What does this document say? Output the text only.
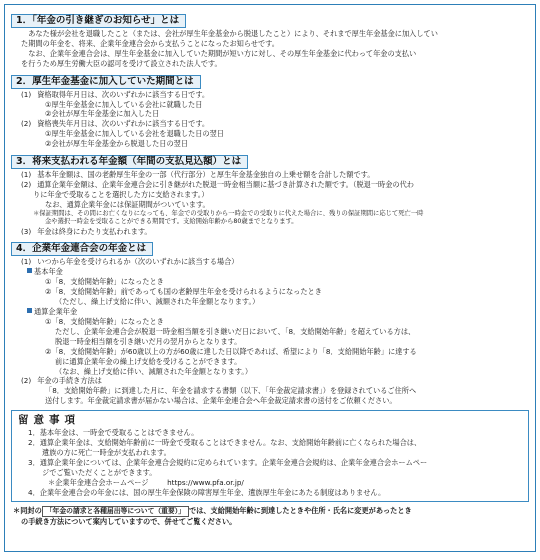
1．「年金の引き継ぎのお知らせ」とは

　あなた様が会社を退職したこと（または、会社が厚生年金基金から脱退したこと）により、それまで厚生年金基金に加入してい

た期間の年金を、将来、企業年金連合会から支払うことになったお知らせです。

　なお、企業年金連合会は、厚生年金基金に加入していた期間が短い方に対し、その厚生年金基金に代わって年金の支払い

を行うため厚生労働大臣の認可を受けて設立された法人です。

2．厚生年金基金に加入していた期間とは
(1) 資格取得年月日は、次のいずれかに該当する日です。

①厚生年金基金に加入している会社に就職した日

②会社が厚生年金基金に加入した日

(2) 資格喪失年月日は、次のいずれかに該当する日です。

①厚生年金基金に加入している会社を退職した日の翌日

②会社が厚生年金基金から脱退した日の翌日

3．将来支払われる年金額（年間の支払見込額）とは
(1) 基本年金額は、国の老齢厚生年金の一部（代行部分）と厚生年金基金独自の上乗せ額を合計した額です。
(2) 通算企業年金額は、企業年金連合会に引き継がれた脱退一時金相当額に基づき計算された額です。（脱退一時金の代わ

りに年金で受取ることを選択した方に支給されます。）

なお、通算企業年金には保証期間がついています。

＊保証期間は、その間にお亡くなりになっても、年金での受取りから一時金での受取りに代えた場合に、残りの保証期間に応じて死亡一時

金や選択一時金を受取ることができる期間です。支給開始年齢から80歳までとなります。

(3) 年金は終身にわたり支払われます。
4．企業年金連合会の年金とは
(1) いつから年金を受けられるか（次のいずれかに該当する場合）

基本年金

①「8．支給開始年齢」になったとき

②「8．支給開始年齢」前であっても国の老齢厚生年金を受けられるようになったとき

（ただし、繰上げ支給に伴い、減額された年金額となります。）

通算企業年金

①「8．支給開始年齢」になったとき

ただし、企業年金連合会が脱退一時金相当額を引き継いだ日において、「8．支給開始年齢」を超えている方は、

脱退一時金相当額を引き継いだ月の翌月からとなります。

②「8．支給開始年齢」が60歳以上の方が60歳に達した日以降であれば、希望により「8．支給開始年齢」に達する

前に通算企業年金の繰上げ支給を受けることができます。

（なお、繰上げ支給に伴い、減額された年金額となります。）

(2) 年金の手続き方法は

「8．支給開始年齢」に到達した月に、年金を請求する書類（以下、「年金裁定請求書」）を登録されているご住所へ

送付します。年金裁定請求書が届かない場合は、企業年金連合会へ年金裁定請求書の送付をご依頼ください。

留意事項
1． 基本年金は、一時金で受取ることはできません。
2． 通算企業年金は、支給開始年齢前に一時金で受取ることはできません。なお、支給開始年齢前に亡くなられた場合は、

遺族の方に死亡一時金が支払われます。

3． 通算企業年金については、企業年金連合会規約に定められています。企業年金連合会規約は、企業年金連合会ホームペー

ジでご覧いただくことができます。

＊企業年金連合会ホームページ	https://www.pfa.or.jp/

4． 企業年金連合会の年金には、国の厚生年金保険の障害厚生年金、遺族厚生年金にあたる制度はありません。
＊同封の 「年金の請求と各種届出等について（重要）」 では、支給開始年齢に到達したときや住所・氏名に変更があったとき
の手続き方法について案内していますので、併せてご覧ください。
